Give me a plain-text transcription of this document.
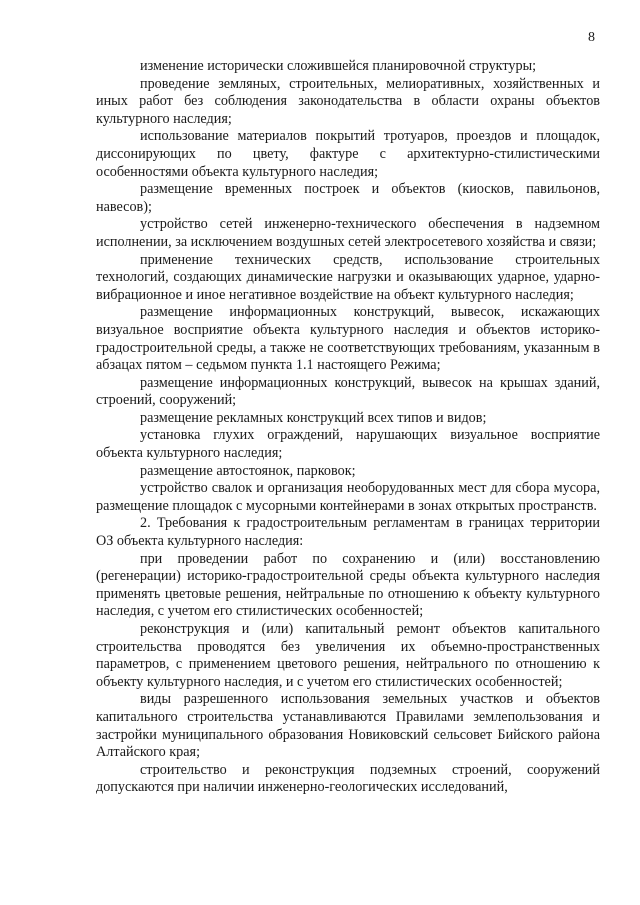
8

изменение исторически сложившейся планировочной структуры;

проведение земляных, строительных, мелиоративных, хозяйственных и иных работ без соблюдения законодательства в области охраны объектов культурного наследия;

использование материалов покрытий тротуаров, проездов и площадок, диссонирующих по цвету, фактуре с архитектурно-стилистическими особенностями объекта культурного наследия;

размещение временных построек и объектов (киосков, павильонов, навесов);

устройство сетей инженерно-технического обеспечения в надземном исполнении, за исключением воздушных сетей электросетевого хозяйства и связи;

применение технических средств, использование строительных технологий, создающих динамические нагрузки и оказывающих ударное, ударно-вибрационное и иное негативное воздействие на объект культурного наследия;

размещение информационных конструкций, вывесок, искажающих визуальное восприятие объекта культурного наследия и объектов историко-градостроительной среды, а также не соответствующих требованиям, указанным в абзацах пятом – седьмом пункта 1.1 настоящего Режима;

размещение информационных конструкций, вывесок на крышах зданий, строений, сооружений;

размещение рекламных конструкций всех типов и видов;

установка глухих ограждений, нарушающих визуальное восприятие объекта культурного наследия;

размещение автостоянок, парковок;

устройство свалок и организация необорудованных мест для сбора мусора, размещение площадок с мусорными контейнерами в зонах открытых пространств.

2. Требования к градостроительным регламентам в границах территории ОЗ объекта культурного наследия:

при проведении работ по сохранению и (или) восстановлению (регенерации) историко-градостроительной среды объекта культурного наследия применять цветовые решения, нейтральные по отношению к объекту культурного наследия, с учетом его стилистических особенностей;

реконструкция и (или) капитальный ремонт объектов капитального строительства проводятся без увеличения их объемно-пространственных параметров, с применением цветового решения, нейтрального по отношению к объекту культурного наследия, и с учетом его стилистических особенностей;

виды разрешенного использования земельных участков и объектов капитального строительства устанавливаются Правилами землепользования и застройки муниципального образования Новиковский сельсовет Бийского района Алтайского края;

строительство и реконструкция подземных строений, сооружений допускаются при наличии инженерно-геологических исследований,
